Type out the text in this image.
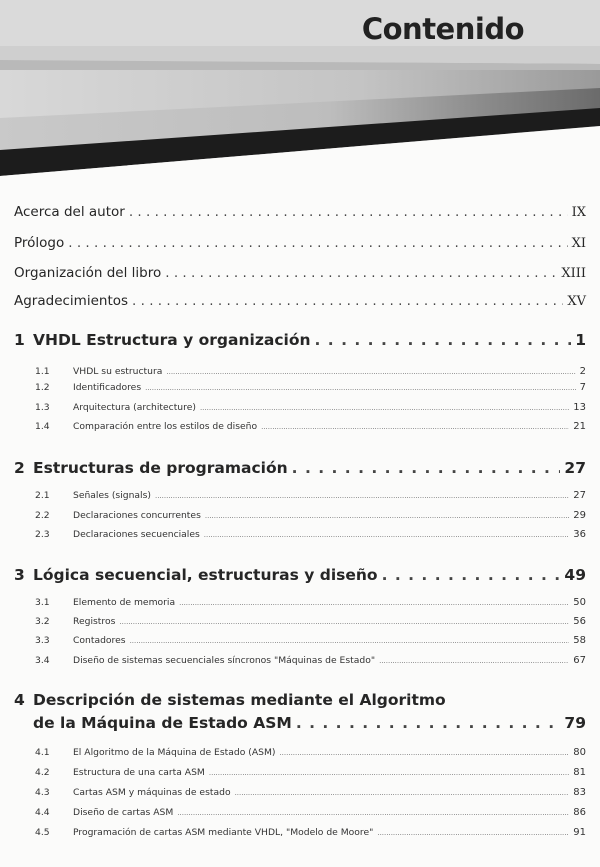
Contenido
Acerca del autor . . .	IX
Prólogo . . .	XI
Organización del libro . . .	XIII
Agradecimientos . . .	XV
1 VHDL Estructura y organización . . .	1
1.1	VHDL su estructura .....	2
1.2	Identificadores .....	7
1.3	Arquitectura (architecture) .....	13
1.4	Comparación entre los estilos de diseño .....	21
2 Estructuras de programación . . .	27
2.1	Señales (signals) .....	27
2.2	Declaraciones concurrentes .....	29
2.3	Declaraciones secuenciales .....	36
3 Lógica secuencial, estructuras y diseño . . .	49
3.1	Elemento de memoria .....	50
3.2	Registros .....	56
3.3	Contadores .....	58
3.4	Diseño de sistemas secuenciales síncronos "Máquinas de Estado" .....	67
4 Descripción de sistemas mediante el Algoritmo
de la Máquina de Estado ASM . . .	79
4.1	El Algoritmo de la Máquina de Estado (ASM) .....	80
4.2	Estructura de una carta ASM .....	81
4.3	Cartas ASM y máquinas de estado .....	83
4.4	Diseño de cartas ASM .....	86
4.5	Programación de cartas ASM mediante VHDL, "Modelo de Moore" .....	91
